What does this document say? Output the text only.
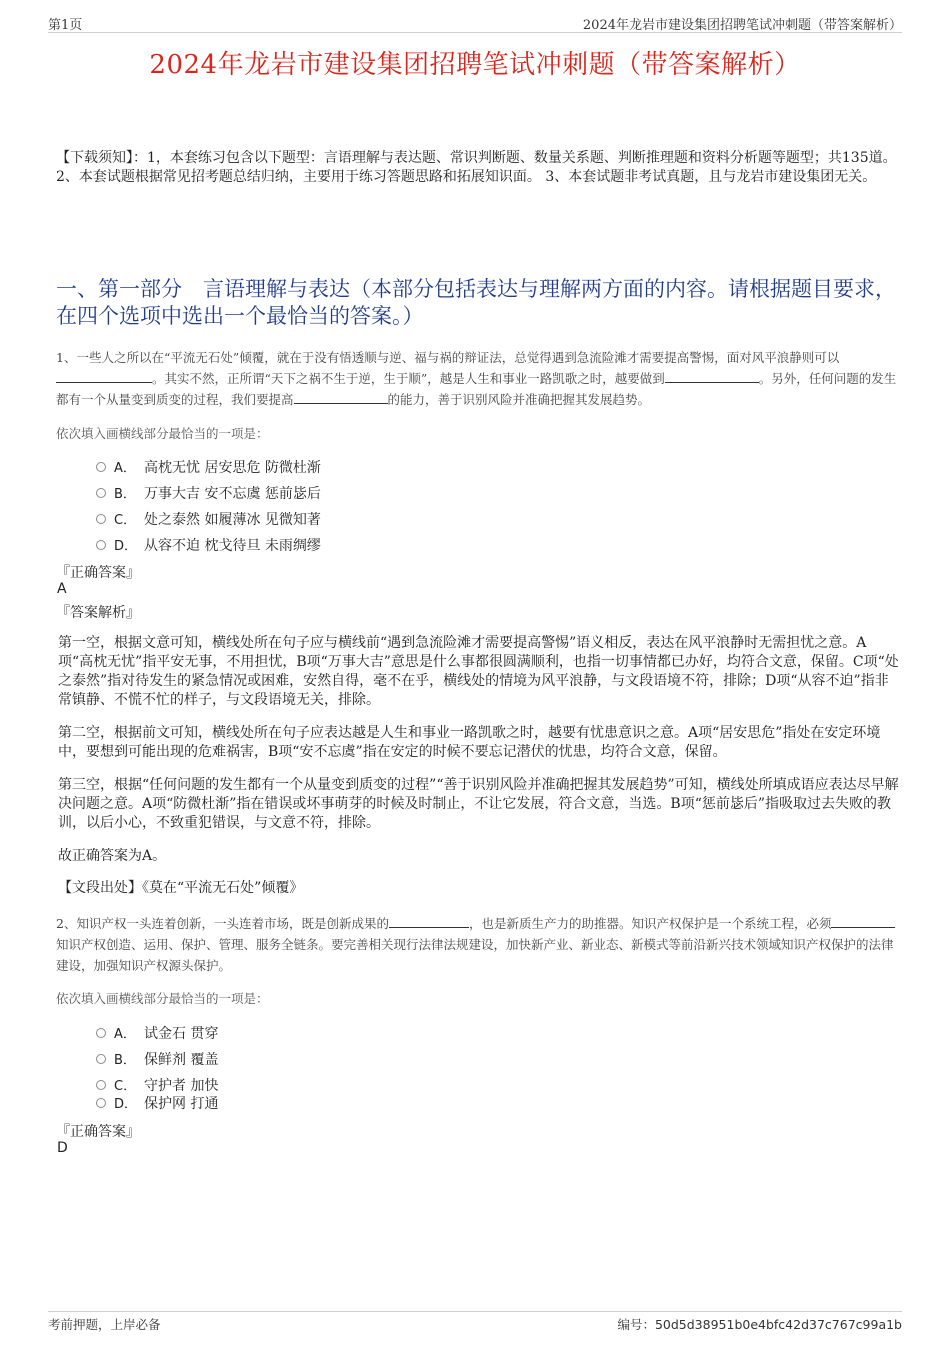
第1页	2024年龙岩市建设集团招聘笔试冲刺题（带答案解析）
2024年龙岩市建设集团招聘笔试冲刺题（带答案解析）
【下载须知】：1，本套练习包含以下题型：言语理解与表达题、常识判断题、数量关系题、判断推理题和资料分析题等题型；共135道。 2、本套试题根据常见招考题总结归纳，主要用于练习答题思路和拓展知识面。 3、本套试题非考试真题，且与龙岩市建设集团无关。
一、第一部分　言语理解与表达（本部分包括表达与理解两方面的内容。请根据题目要求，在四个选项中选出一个最恰当的答案。）
1、一些人之所以在“平流无石处”倾覆，就在于没有悟透顺与逆、福与祸的辩证法，总觉得遇到急流险滩才需要提高警惕，面对风平浪静则可以。其实不然，正所谓“天下之祸不生于逆，生于顺”，越是人生和事业一路凯歌之时，越要做到	。另外，任何问题的发生都有一个从量变到质变的过程，我们要提高	的能力，善于识别风险并准确把握其发展趋势。
依次填入画横线部分最恰当的一项是：
A． 高枕无忧 居安思危 防微杜渐
B． 万事大吉 安不忘虞 惩前毖后
C． 处之泰然 如履薄冰 见微知著
D． 从容不迫 枕戈待旦 未雨绸缪
『正确答案』
A
『答案解析』

第一空，根据文意可知，横线处所在句子应与横线前“遇到急流险滩才需要提高警惕”语义相反，表达在风平浪静时无需担忧之意。A项“高枕无忧”指平安无事，不用担忧，B项“万事大吉”意思是什么事都很圆满顺利，也指一切事情都已办好，均符合文意，保留。C项“处之泰然”指对待发生的紧急情况或困难，安然自得，毫不在乎，横线处的情境为风平浪静，与文段语境不符，排除；D项“从容不迫”指非常镇静、不慌不忙的样子，与文段语境无关，排除。

第二空，根据前文可知，横线处所在句子应表达越是人生和事业一路凯歌之时，越要有忧患意识之意。A项“居安思危”指处在安定环境中，要想到可能出现的危难祸害，B项“安不忘虞”指在安定的时候不要忘记潜伏的忧患，均符合文意，保留。

第三空，根据“任何问题的发生都有一个从量变到质变的过程”“善于识别风险并准确把握其发展趋势”可知，横线处所填成语应表达尽早解决问题之意。A项“防微杜渐”指在错误或坏事萌芽的时候及时制止，不让它发展，符合文意，当选。B项“惩前毖后”指吸取过去失败的教训，以后小心，不致重犯错误，与文意不符，排除。

故正确答案为A。

【文段出处】《莫在“平流无石处”倾覆》

2、知识产权一头连着创新，一头连着市场，既是创新成果的	，也是新质生产力的助推器。知识产权保护是一个系统工程，必须知识产权创造、运用、保护、管理、服务全链条。要完善相关现行法律法规建设，加快新产业、新业态、新模式等前沿新兴技术领域知识产权保护的法律建设，加强知识产权源头保护。
依次填入画横线部分最恰当的一项是：
A． 试金石 贯穿
B． 保鲜剂 覆盖
C． 守护者 加快
D． 保护网 打通
『正确答案』
D
考前押题，上岸必备	编号：50d5d38951b0e4bfc42d37c767c99a1b
